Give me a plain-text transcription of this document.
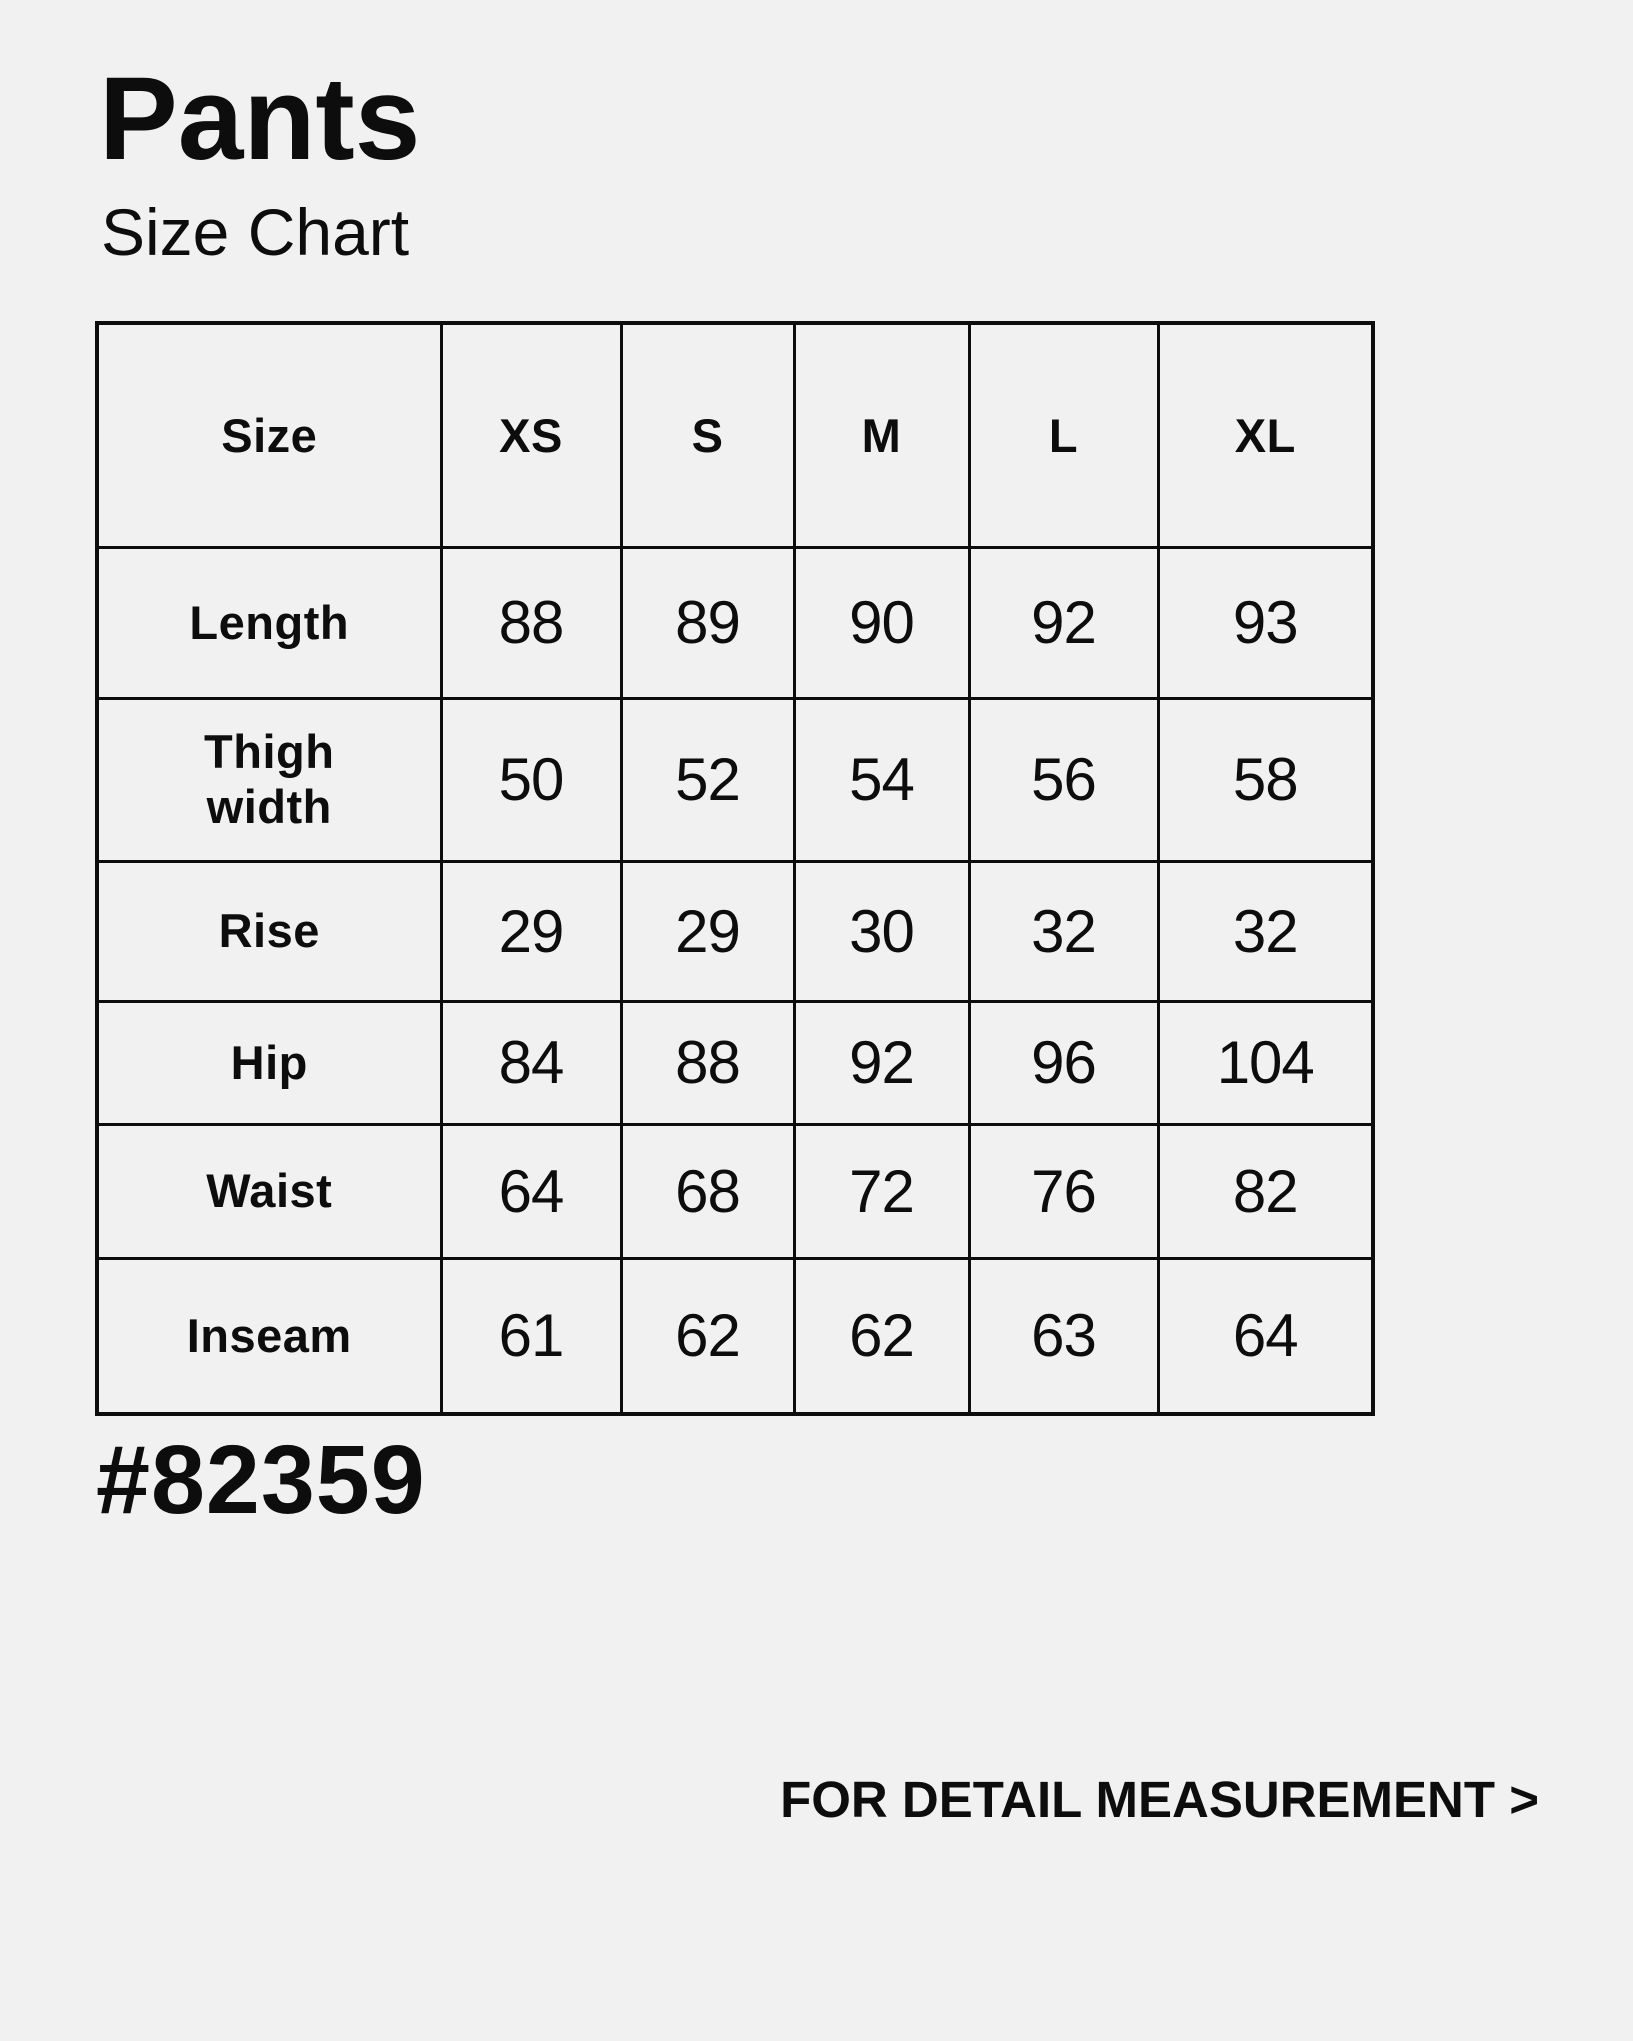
Pants
Size Chart
Size	XS	S	M	L	XL
Length	88	89	90	92	93
Thigh width	50	52	54	56	58
Rise	29	29	30	32	32
Hip	84	88	92	96	104
Waist	64	68	72	76	82
Inseam	61	62	62	63	64
#82359
FOR DETAIL MEASUREMENT >
